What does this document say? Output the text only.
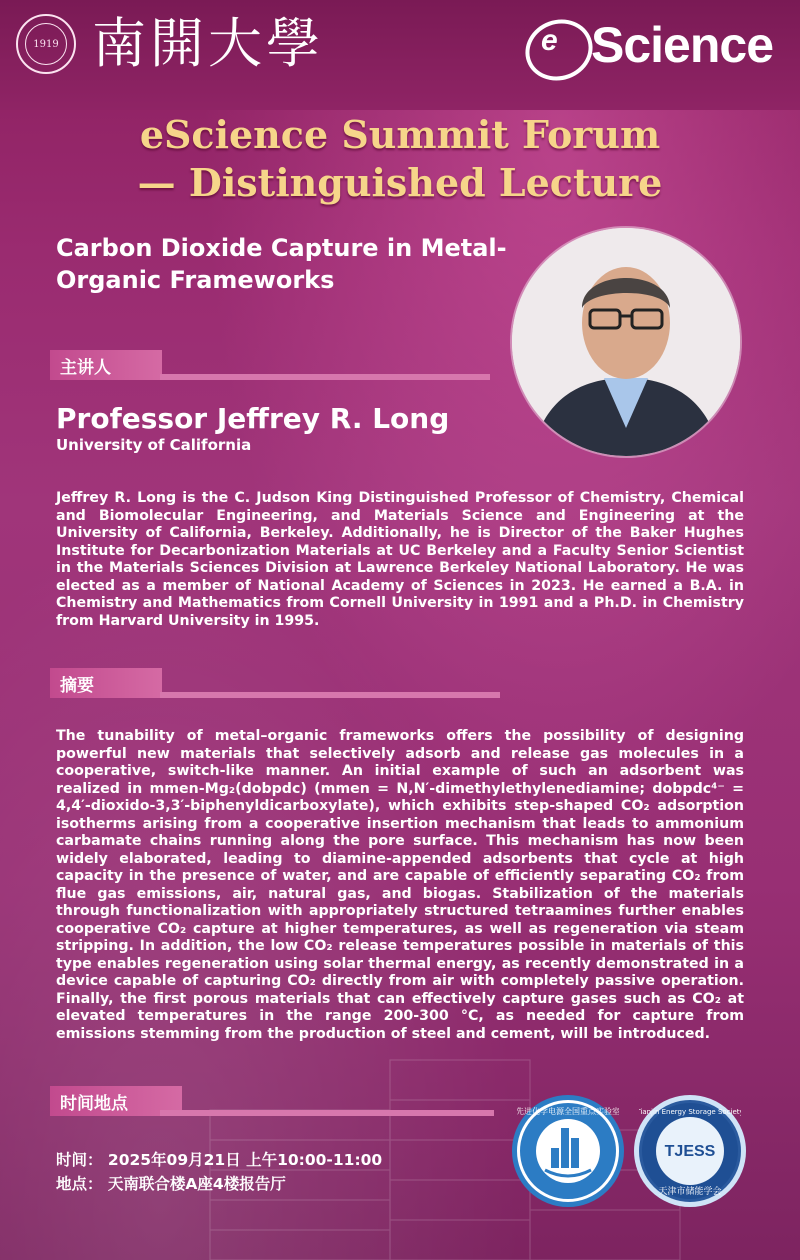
1919 南開大學	e Science
eScience Summit Forum
— Distinguished Lecture
Carbon Dioxide Capture in Metal-Organic Frameworks
主讲人
Professor Jeffrey R. Long
University of California
Jeffrey R. Long is the C. Judson King Distinguished Professor of Chemistry, Chemical and Biomolecular Engineering, and Materials Science and Engineering at the University of California, Berkeley. Additionally, he is Director of the Baker Hughes Institute for Decarbonization Materials at UC Berkeley and a Faculty Senior Scientist in the Materials Sciences Division at Lawrence Berkeley National Laboratory. He was elected as a member of National Academy of Sciences in 2023. He earned a B.A. in Chemistry and Mathematics from Cornell University in 1991 and a Ph.D. in Chemistry from Harvard University in 1995.
摘要
The tunability of metal–organic frameworks offers the possibility of designing powerful new materials that selectively adsorb and release gas molecules in a cooperative, switch-like manner. An initial example of such an adsorbent was realized in mmen-Mg₂(dobpdc) (mmen = N,N′-dimethylethylenediamine; dobpdc⁴⁻ = 4,4′-dioxido-3,3′-biphenyldicarboxylate), which exhibits step-shaped CO₂ adsorption isotherms arising from a cooperative insertion mechanism that leads to ammonium carbamate chains running along the pore surface. This mechanism has now been widely elaborated, leading to diamine-appended adsorbents that cycle at high capacity in the presence of water, and are capable of efficiently separating CO₂ from flue gas emissions, air, natural gas, and biogas. Stabilization of the materials through functionalization with appropriately structured tetraamines further enables cooperative CO₂ capture at higher temperatures, as well as regeneration via steam stripping. In addition, the low CO₂ release temperatures possible in materials of this type enables regeneration using solar thermal energy, as recently demonstrated in a device capable of capturing CO₂ directly from air with completely passive operation. Finally, the first porous materials that can effectively capture gases such as CO₂ at elevated temperatures in the range 200-300 °C, as needed for capture from emissions stemming from the production of steel and cement, will be introduced.
时间地点
时间： 2025年09月21日 上午10:00-11:00
地点： 天南联合楼A座4楼报告厅
先进化学电源全国重点实验室
TJESS
Tianjin Energy Storage Society
天津市储能学会
